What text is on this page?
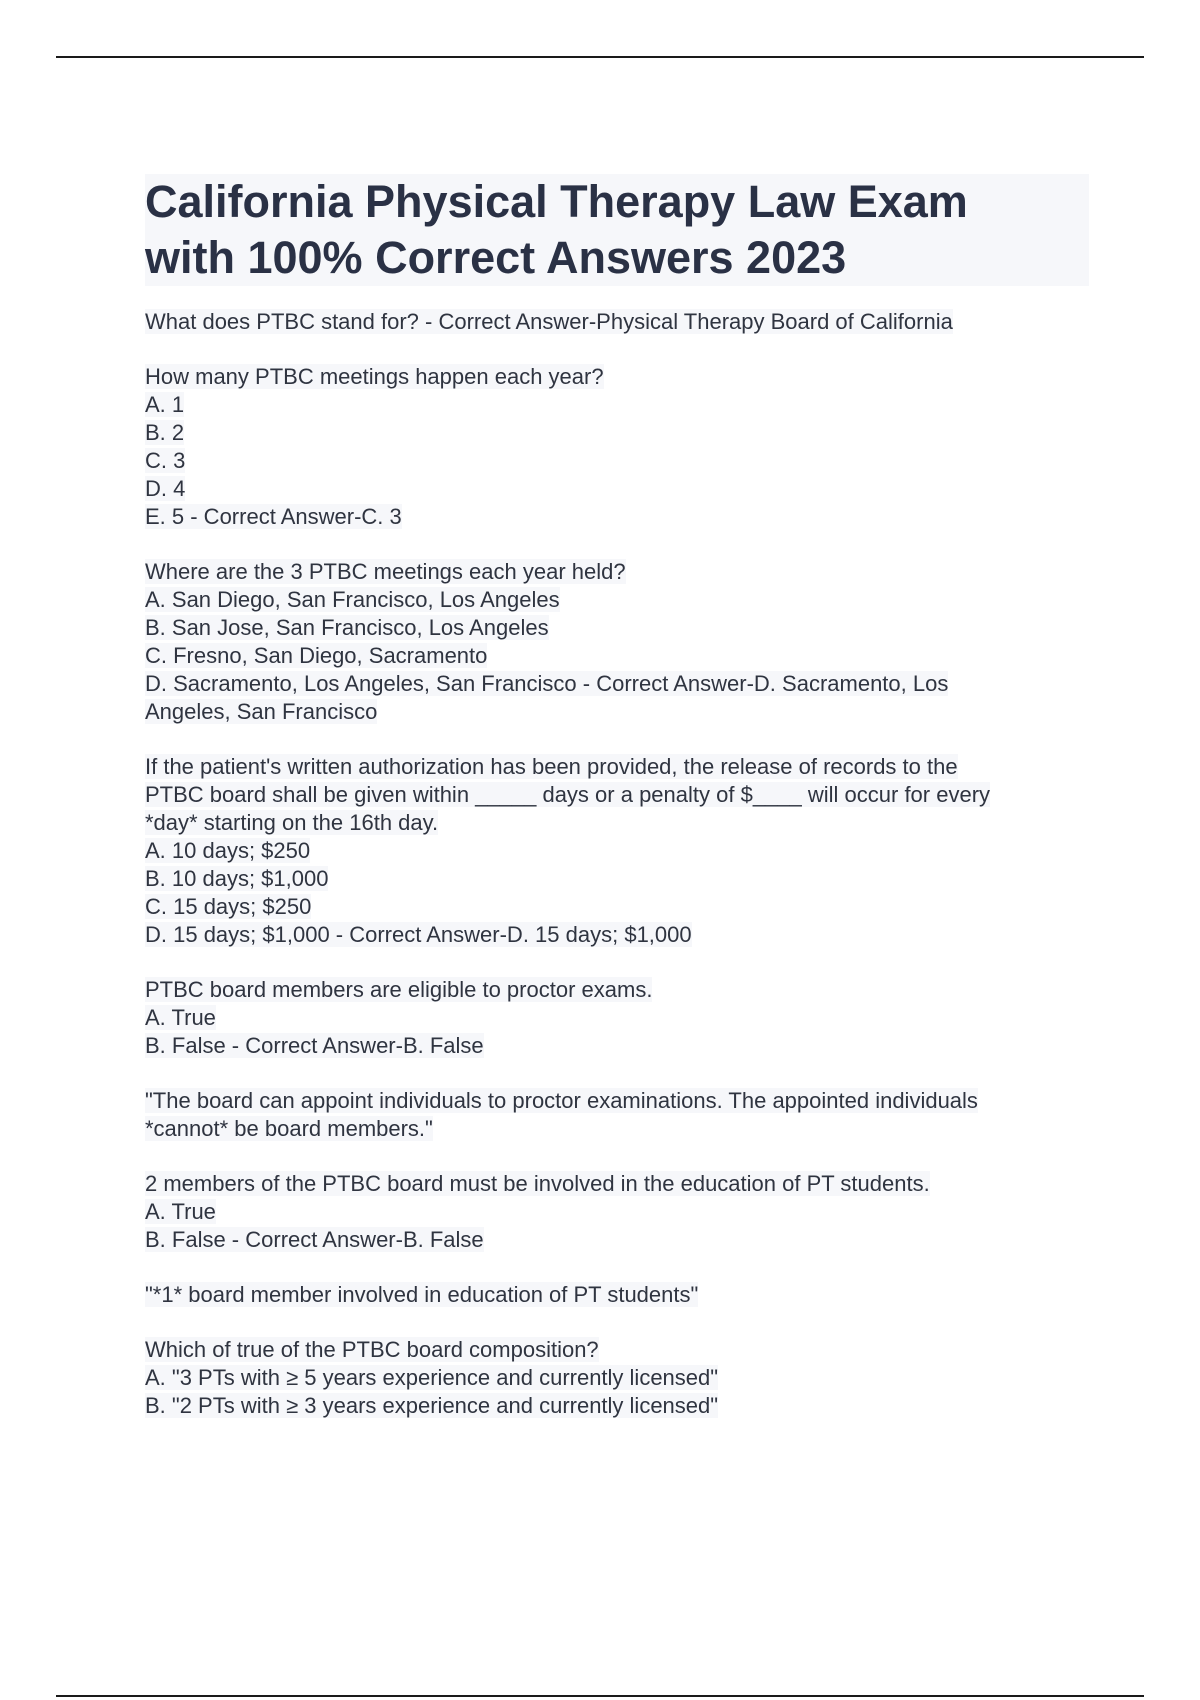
California Physical Therapy Law Exam
with 100% Correct Answers 2023
What does PTBC stand for? - Correct Answer-Physical Therapy Board of California
How many PTBC meetings happen each year?
A. 1
B. 2
C. 3
D. 4
E. 5 - Correct Answer-C. 3
Where are the 3 PTBC meetings each year held?
A. San Diego, San Francisco, Los Angeles
B. San Jose, San Francisco, Los Angeles
C. Fresno, San Diego, Sacramento
D. Sacramento, Los Angeles, San Francisco - Correct Answer-D. Sacramento, Los
Angeles, San Francisco
If the patient's written authorization has been provided, the release of records to the
PTBC board shall be given within _____ days or a penalty of $____ will occur for every
*day* starting on the 16th day.
A. 10 days; $250
B. 10 days; $1,000
C. 15 days; $250
D. 15 days; $1,000 - Correct Answer-D. 15 days; $1,000
PTBC board members are eligible to proctor exams.
A. True
B. False - Correct Answer-B. False
"The board can appoint individuals to proctor examinations. The appointed individuals
*cannot* be board members."
2 members of the PTBC board must be involved in the education of PT students.
A. True
B. False - Correct Answer-B. False
"*1* board member involved in education of PT students"
Which of true of the PTBC board composition?
A. "3 PTs with ≥ 5 years experience and currently licensed"
B. "2 PTs with ≥ 3 years experience and currently licensed"
